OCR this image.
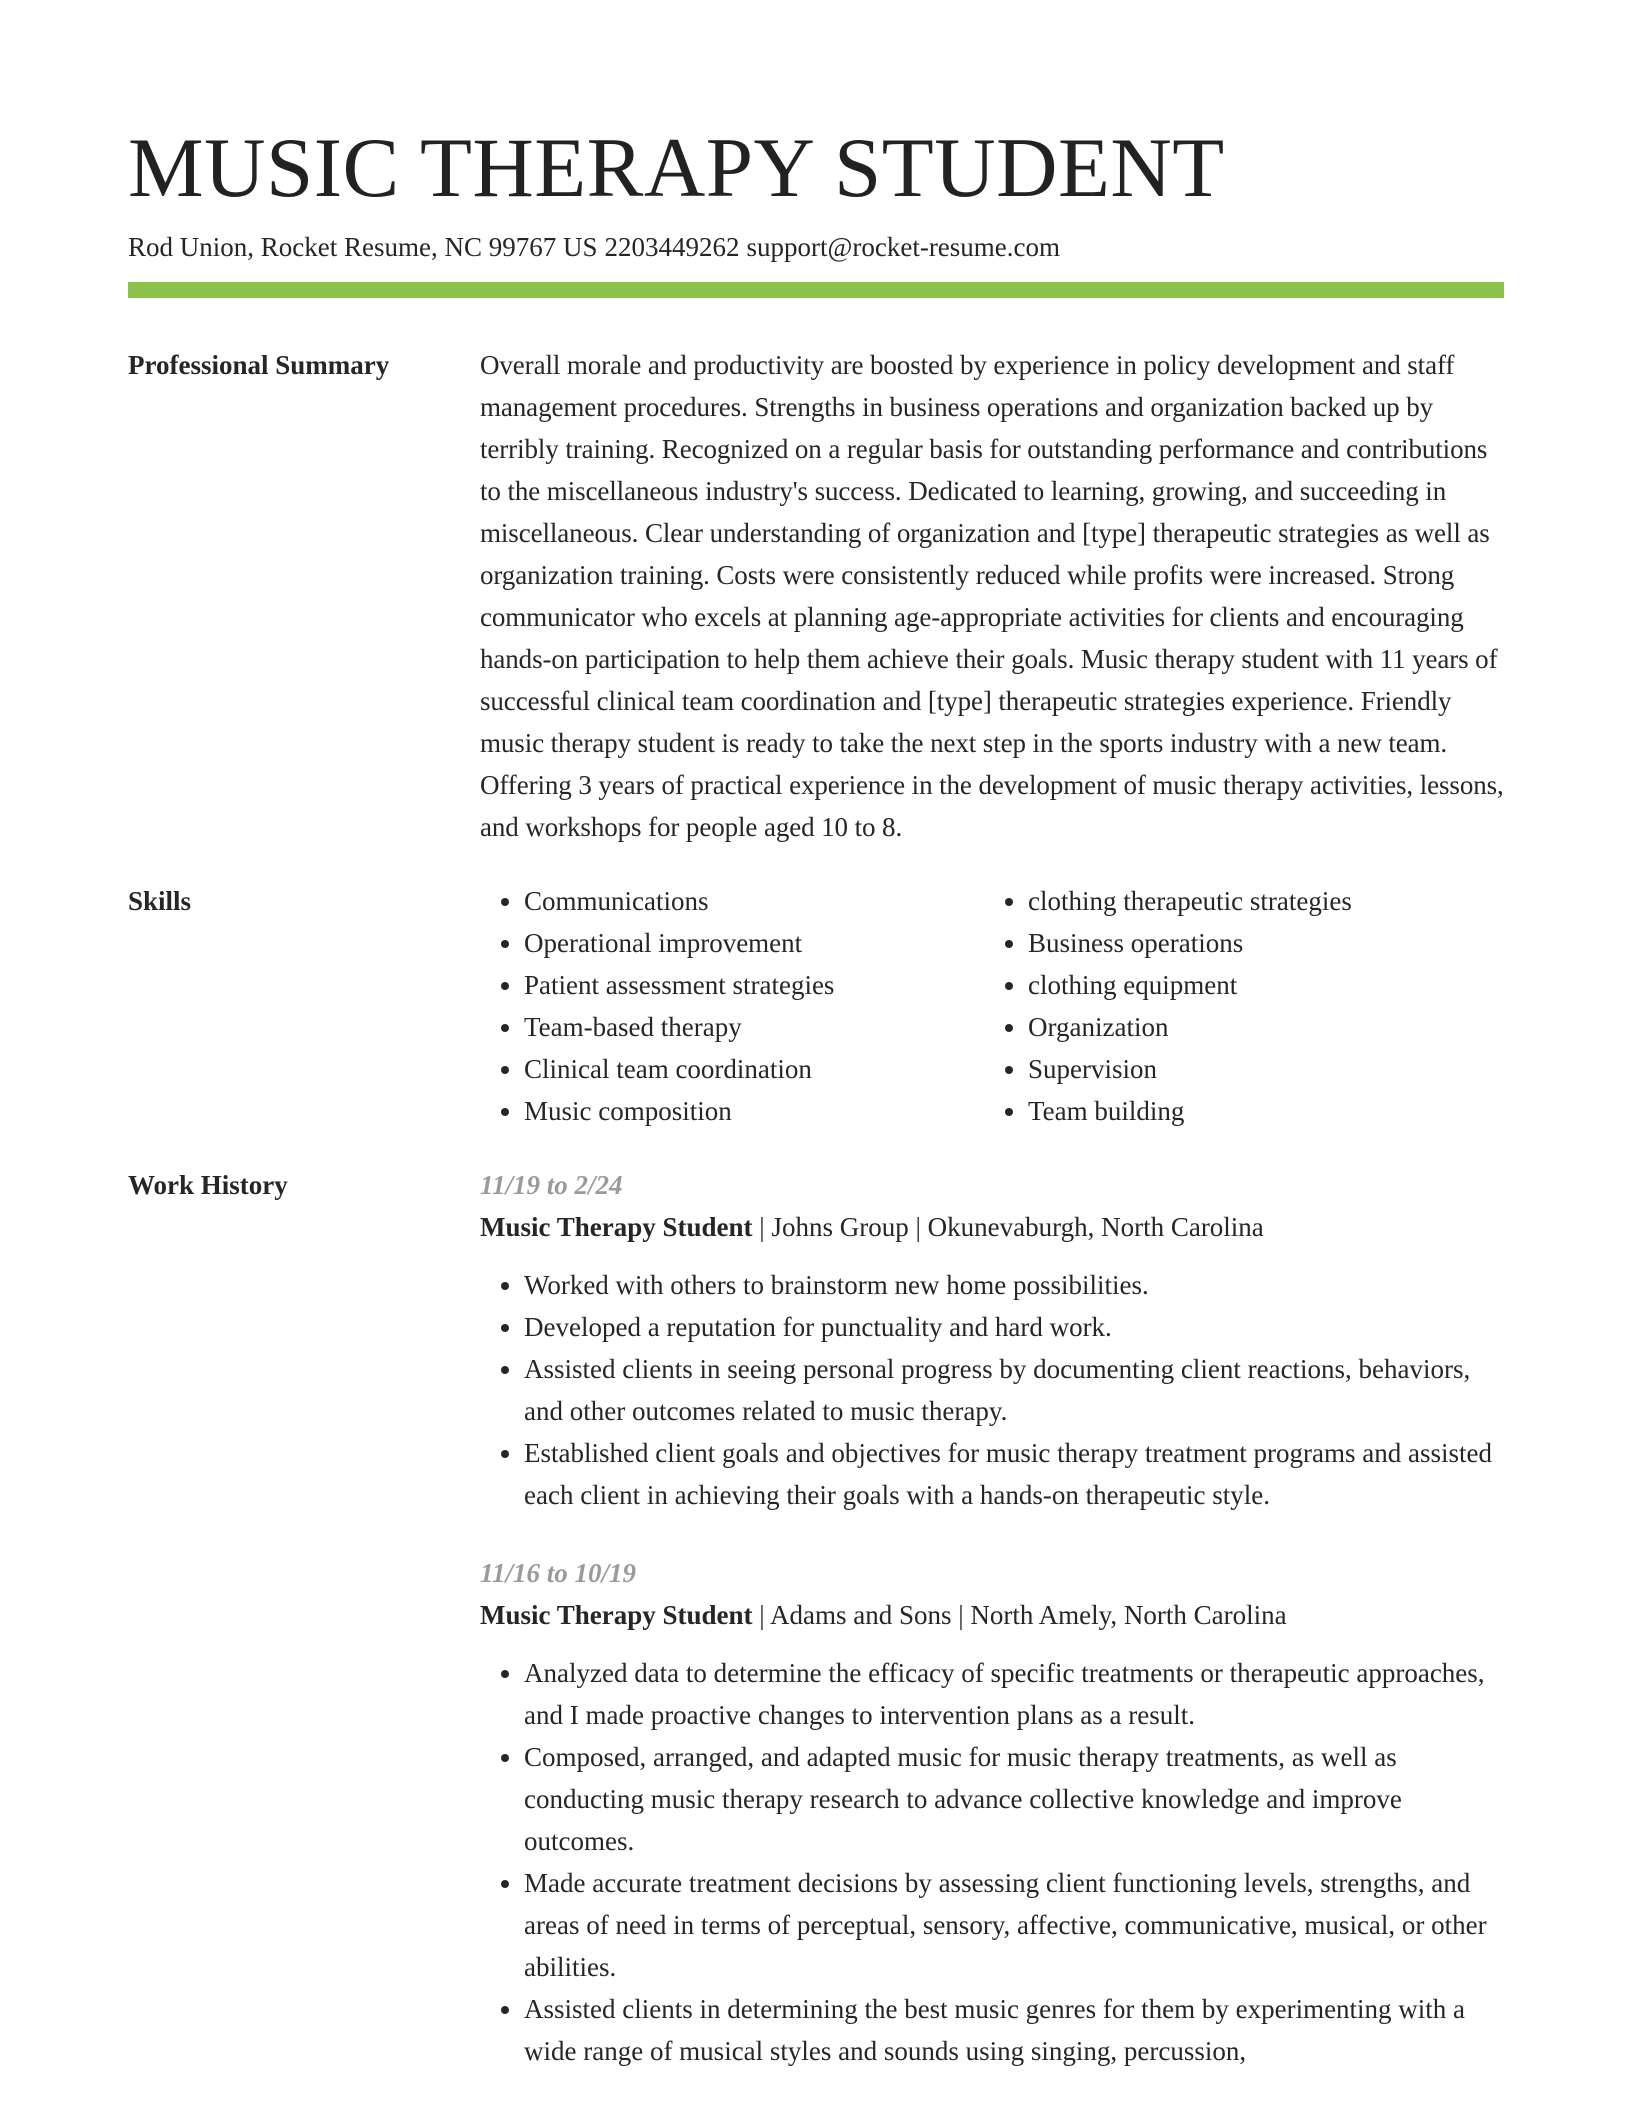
MUSIC THERAPY STUDENT
Rod Union, Rocket Resume, NC 99767 US 2203449262 support@rocket-resume.com
Professional Summary	Overall morale and productivity are boosted by experience in policy development and staff management procedures. Strengths in business operations and organization backed up by terribly training. Recognized on a regular basis for outstanding performance and contributions to the miscellaneous industry's success. Dedicated to learning, growing, and succeeding in miscellaneous. Clear understanding of organization and [type] therapeutic strategies as well as organization training. Costs were consistently reduced while profits were increased. Strong communicator who excels at planning age-appropriate activities for clients and encouraging hands-on participation to help them achieve their goals. Music therapy student with 11 years of successful clinical team coordination and [type] therapeutic strategies experience. Friendly music therapy student is ready to take the next step in the sports industry with a new team. Offering 3 years of practical experience in the development of music therapy activities, lessons, and workshops for people aged 10 to 8.

Skills
•	Communications
• Operational improvement
• Patient assessment strategies
• Team-based therapy
• Clinical team coordination
• Music composition
• clothing therapeutic strategies
• Business operations
• clothing equipment
• Organization
• Supervision
• Team building
Work History	11/19 to 2/24
Music Therapy Student | Johns Group | Okunevaburgh, North Carolina
• Worked with others to brainstorm new home possibilities.
• Developed a reputation for punctuality and hard work.
• Assisted clients in seeing personal progress by documenting client reactions, behaviors, and other outcomes related to music therapy.
• Established client goals and objectives for music therapy treatment programs and assisted each client in achieving their goals with a hands-on therapeutic style.
11/16 to 10/19
Music Therapy Student | Adams and Sons | North Amely, North Carolina
• Analyzed data to determine the efficacy of specific treatments or therapeutic approaches, and I made proactive changes to intervention plans as a result.
• Composed, arranged, and adapted music for music therapy treatments, as well as conducting music therapy research to advance collective knowledge and improve outcomes.
• Made accurate treatment decisions by assessing client functioning levels, strengths, and areas of need in terms of perceptual, sensory, affective, communicative, musical, or other abilities.
• Assisted clients in determining the best music genres for them by experimenting with a wide range of musical styles and sounds using singing, percussion,
